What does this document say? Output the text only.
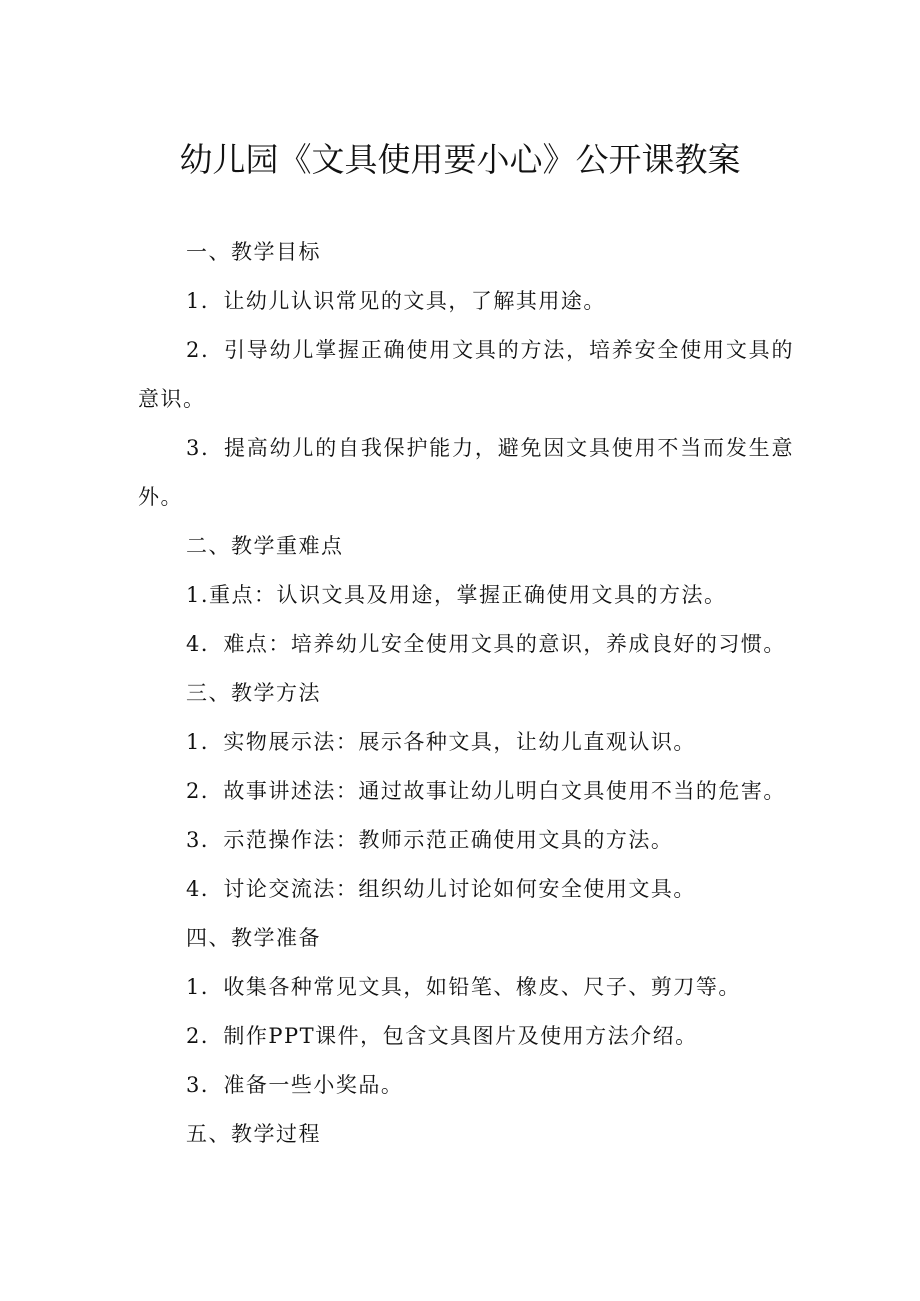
幼儿园《文具使用要小心》公开课教案

一、教学目标

1．让幼儿认识常见的文具，了解其用途。

2．引导幼儿掌握正确使用文具的方法，培养安全使用文具的意识。

3．提高幼儿的自我保护能力，避免因文具使用不当而发生意外。

二、教学重难点

1.重点：认识文具及用途，掌握正确使用文具的方法。

4．难点：培养幼儿安全使用文具的意识，养成良好的习惯。

三、教学方法

1．实物展示法：展示各种文具，让幼儿直观认识。

2．故事讲述法：通过故事让幼儿明白文具使用不当的危害。

3．示范操作法：教师示范正确使用文具的方法。

4．讨论交流法：组织幼儿讨论如何安全使用文具。

四、教学准备

1．收集各种常见文具，如铅笔、橡皮、尺子、剪刀等。

2．制作PPT课件，包含文具图片及使用方法介绍。

3．准备一些小奖品。

五、教学过程
